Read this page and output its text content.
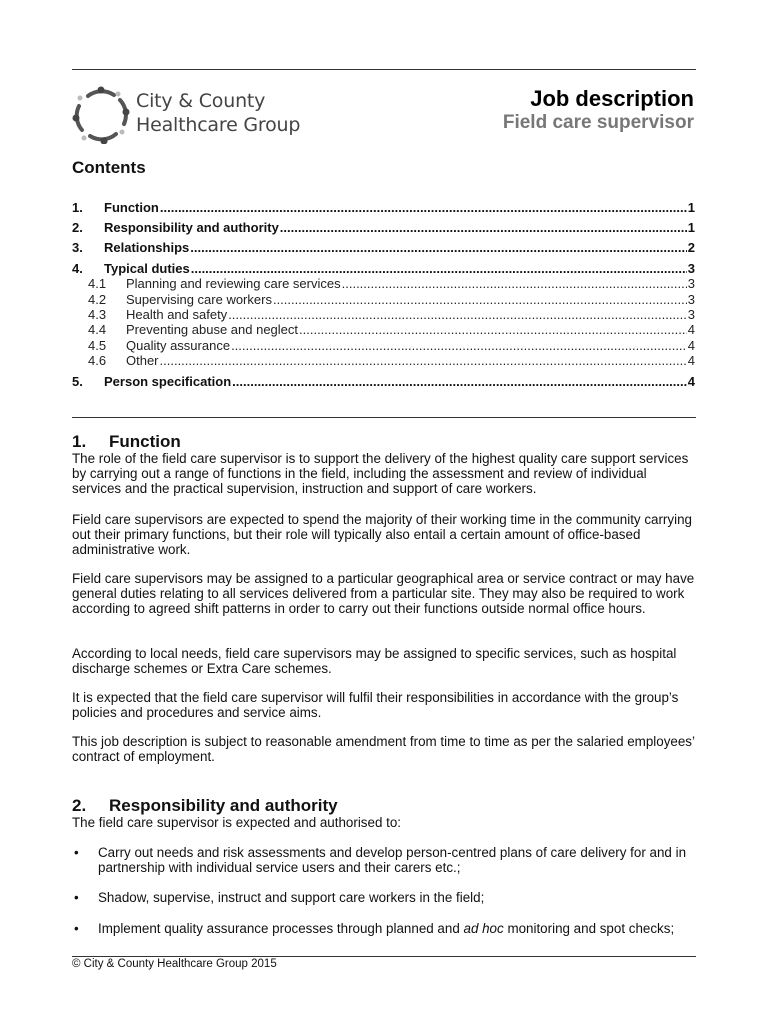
City & County
Healthcare Group
Job description
Field care supervisor
Contents
1.	Function .....	1
2.	Responsibility and authority .....	1
3.	Relationships .....	2
4.	Typical duties .....	3
4.1	Planning and reviewing care services .....	3
4.2	Supervising care workers .....	3
4.3	Health and safety .....	3
4.4	Preventing abuse and neglect .....	4
4.5	Quality assurance .....	4
4.6	Other .....	4
5.	Person specification .....	4
1. Function

The role of the field care supervisor is to support the delivery of the highest quality care support services by carrying out a range of functions in the field, including the assessment and review of individual services and the practical supervision, instruction and support of care workers.

Field care supervisors are expected to spend the majority of their working time in the community carrying out their primary functions, but their role will typically also entail a certain amount of office-based administrative work.

Field care supervisors may be assigned to a particular geographical area or service contract or may have general duties relating to all services delivered from a particular site. They may also be required to work according to agreed shift patterns in order to carry out their functions outside normal office hours.

According to local needs, field care supervisors may be assigned to specific services, such as hospital discharge schemes or Extra Care schemes.

It is expected that the field care supervisor will fulfil their responsibilities in accordance with the group’s policies and procedures and service aims.

This job description is subject to reasonable amendment from time to time as per the salaried employees’ contract of employment.

2. Responsibility and authority

The field care supervisor is expected and authorised to:

•	Carry out needs and risk assessments and develop person-centred plans of care delivery for and in partnership with individual service users and their carers etc.;
•	Shadow, supervise, instruct and support care workers in the field;
•	Implement quality assurance processes through planned and ad hoc monitoring and spot checks;
© City & County Healthcare Group 2015
